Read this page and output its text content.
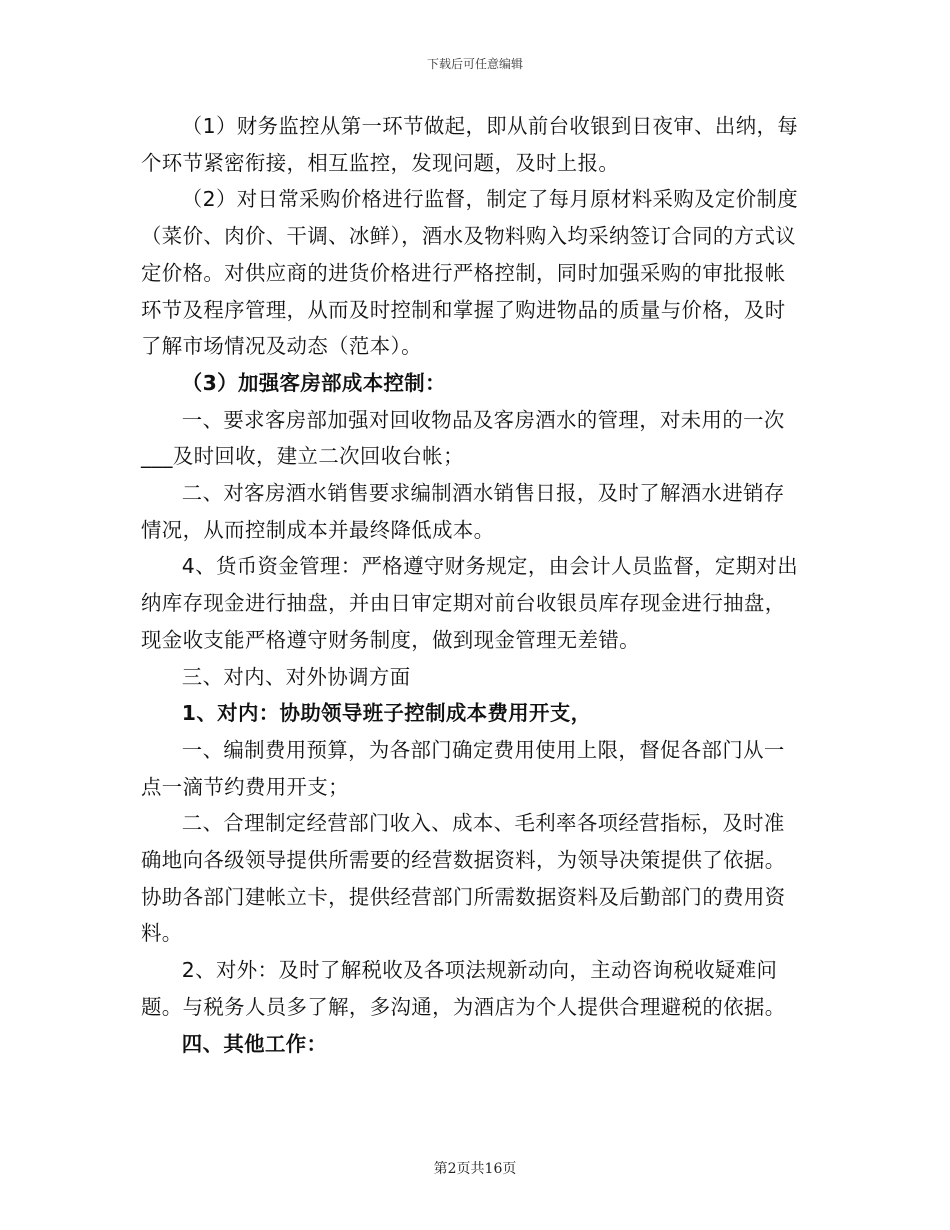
下载后可任意编辑

（1）财务监控从第一环节做起，即从前台收银到日夜审、出纳，每个环节紧密衔接，相互监控，发现问题，及时上报。

（2）对日常采购价格进行监督，制定了每月原材料采购及定价制度（菜价、肉价、干调、冰鲜），酒水及物料购入均采纳签订合同的方式议定价格。对供应商的进货价格进行严格控制，同时加强采购的审批报帐环节及程序管理，从而及时控制和掌握了购进物品的质量与价格，及时了解市场情况及动态（范本）。

（3）加强客房部成本控制：

一、要求客房部加强对回收物品及客房酒水的管理，对未用的一次___及时回收，建立二次回收台帐；

二、对客房酒水销售要求编制酒水销售日报，及时了解酒水进销存情况，从而控制成本并最终降低成本。

4、货币资金管理：严格遵守财务规定，由会计人员监督，定期对出纳库存现金进行抽盘，并由日审定期对前台收银员库存现金进行抽盘，现金收支能严格遵守财务制度，做到现金管理无差错。

三、对内、对外协调方面

1、对内：协助领导班子控制成本费用开支，

一、编制费用预算，为各部门确定费用使用上限，督促各部门从一点一滴节约费用开支；

二、合理制定经营部门收入、成本、毛利率各项经营指标，及时准确地向各级领导提供所需要的经营数据资料，为领导决策提供了依据。协助各部门建帐立卡，提供经营部门所需数据资料及后勤部门的费用资料。

2、对外：及时了解税收及各项法规新动向，主动咨询税收疑难问题。与税务人员多了解，多沟通，为酒店为个人提供合理避税的依据。

四、其他工作：

第2页共16页
